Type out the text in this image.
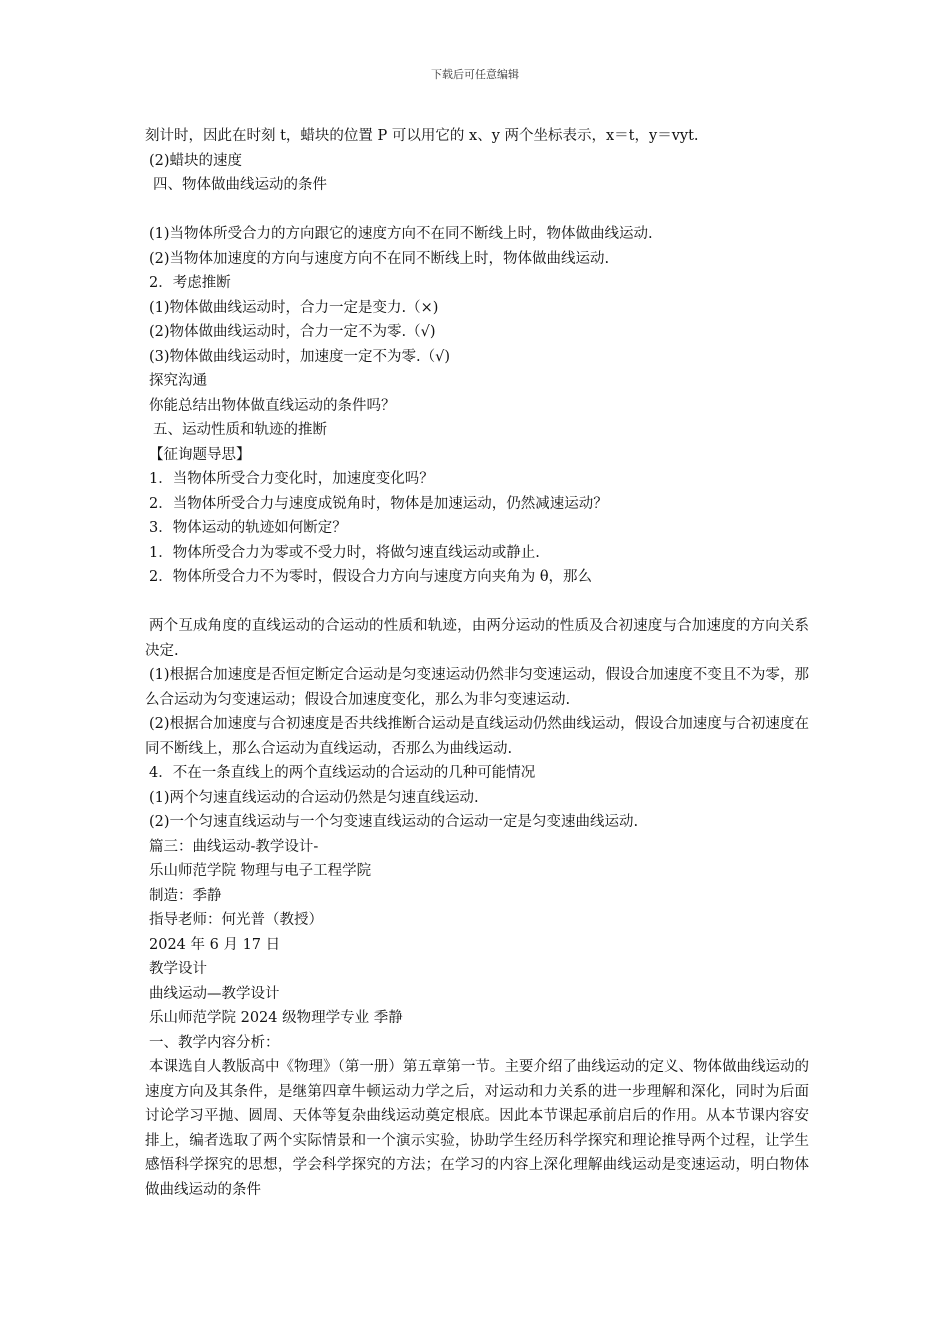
下载后可任意编辑

刻计时，因此在时刻 t，蜡块的位置 P 可以用它的 x、y 两个坐标表示，x＝t，y＝vyt.

(2)蜡块的速度

四、物体做曲线运动的条件

(1)当物体所受合力的方向跟它的速度方向不在同不断线上时，物体做曲线运动.

(2)当物体加速度的方向与速度方向不在同不断线上时，物体做曲线运动.

2．考虑推断

(1)物体做曲线运动时，合力一定是变力.（×)

(2)物体做曲线运动时，合力一定不为零.（√)

(3)物体做曲线运动时，加速度一定不为零.（√)

探究沟通

你能总结出物体做直线运动的条件吗？

五、运动性质和轨迹的推断

【征询题导思】

1．当物体所受合力变化时，加速度变化吗？

2．当物体所受合力与速度成锐角时，物体是加速运动，仍然减速运动？

3．物体运动的轨迹如何断定？

1．物体所受合力为零或不受力时，将做匀速直线运动或静止.

2．物体所受合力不为零时，假设合力方向与速度方向夹角为 θ，那么

两个互成角度的直线运动的合运动的性质和轨迹，由两分运动的性质及合初速度与合加速度的方向关系决定.

(1)根据合加速度是否恒定断定合运动是匀变速运动仍然非匀变速运动，假设合加速度不变且不为零，那么合运动为匀变速运动；假设合加速度变化，那么为非匀变速运动.

(2)根据合加速度与合初速度是否共线推断合运动是直线运动仍然曲线运动，假设合加速度与合初速度在同不断线上，那么合运动为直线运动，否那么为曲线运动.

4．不在一条直线上的两个直线运动的合运动的几种可能情况

(1)两个匀速直线运动的合运动仍然是匀速直线运动.

(2)一个匀速直线运动与一个匀变速直线运动的合运动一定是匀变速曲线运动.

篇三：曲线运动-教学设计-

乐山师范学院 物理与电子工程学院

制造：季静

指导老师：何光普（教授）

2024 年 6 月 17 日

教学设计

曲线运动—教学设计

乐山师范学院 2024 级物理学专业 季静

一、教学内容分析：

本课选自人教版高中《物理》（第一册）第五章第一节。主要介绍了曲线运动的定义、物体做曲线运动的速度方向及其条件，是继第四章牛顿运动力学之后，对运动和力关系的进一步理解和深化，同时为后面讨论学习平抛、圆周、天体等复杂曲线运动奠定根底。因此本节课起承前启后的作用。从本节课内容安排上，编者选取了两个实际情景和一个演示实验，协助学生经历科学探究和理论推导两个过程，让学生感悟科学探究的思想，学会科学探究的方法；在学习的内容上深化理解曲线运动是变速运动，明白物体做曲线运动的条件
